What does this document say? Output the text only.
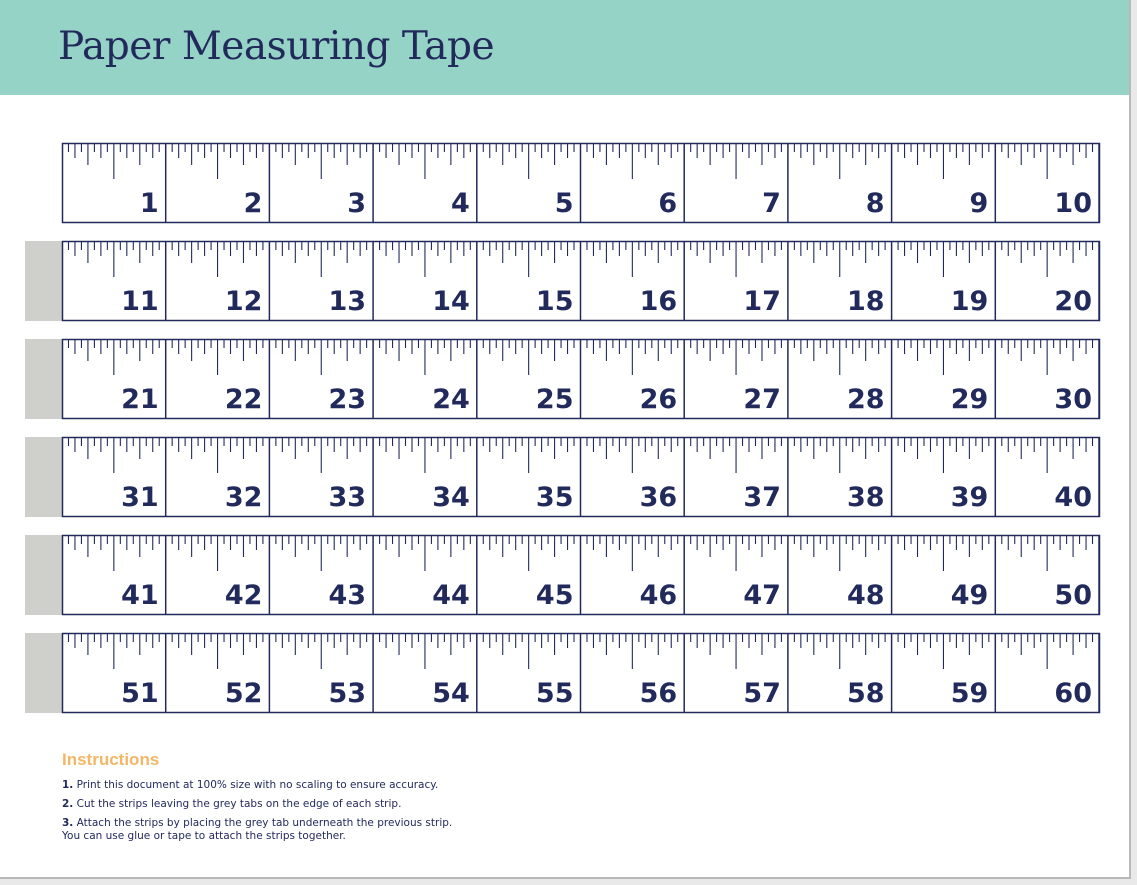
Paper Measuring Tape
1	2	3	4	5	6	7	8	9 10
11 12 13 14 15 16 17 18 19 20
21 22 23 24 25 26 27 28 29 30
31 32 33 34 35 36 37 38 39 40
41 42 43 44 45 46 47 48 49 50
51 52 53 54 55 56 57 58 59 60
Instructions
1. Print this document at 100% size with no scaling to ensure accuracy.
2. Cut the strips leaving the grey tabs on the edge of each strip.
3. Attach the strips by placing the grey tab underneath the previous strip.
You can use glue or tape to attach the strips together.
